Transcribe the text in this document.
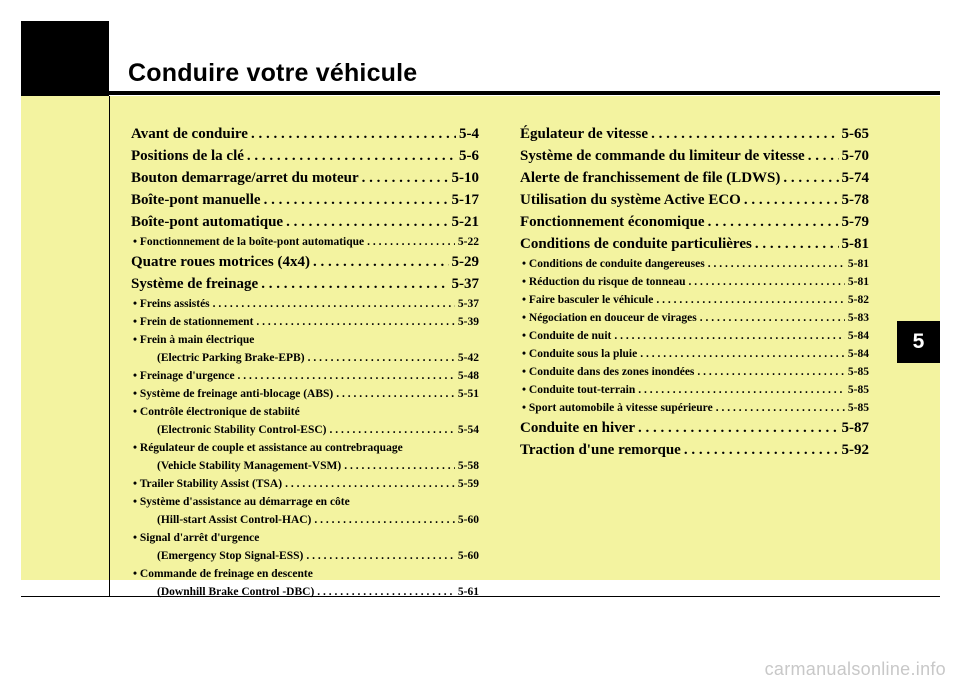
Conduire votre véhicule
5
Avant de conduire . . .	5-4
Positions de la clé . . .	5-6
Bouton demarrage/arret du moteur . . .	5-10
Boîte-pont manuelle . . .	5-17
Boîte-pont automatique . . .	5-21
• Fonctionnement de la boîte-pont automatique . . .	5-22
Quatre roues motrices (4x4) . . .	5-29
Système de freinage . . .	5-37
• Freins assistés . . .	5-37
• Frein de stationnement . . .	5-39
• Frein à main électrique
(Electric Parking Brake-EPB) . . .	5-42
• Freinage d'urgence . . .	5-48
• Système de freinage anti-blocage (ABS) . . .	5-51
• Contrôle électronique de stabiité
(Electronic Stability Control-ESC) . . .	5-54
• Régulateur de couple et assistance au contrebraquage
(Vehicle Stability Management-VSM) . . .	5-58
• Trailer Stability Assist (TSA) . . .	5-59
• Système d'assistance au démarrage en côte
(Hill-start Assist Control-HAC) . . .	5-60
• Signal d'arrêt d'urgence
(Emergency Stop Signal-ESS) . . .	5-60
• Commande de freinage en descente
(Downhill Brake Control -DBC) . . .	5-61
Égulateur de vitesse . . .	5-65
Système de commande du limiteur de vitesse . . . 5-70
Alerte de franchissement de file (LDWS) . . .	5-74
Utilisation du système Active ECO . . .	5-78
Fonctionnement économique . . .	5-79
Conditions de conduite particulières . . .	5-81
• Conditions de conduite dangereuses . . .	5-81
• Réduction du risque de tonneau . . .	5-81
• Faire basculer le véhicule . . .	5-82
• Négociation en douceur de virages . . .	5-83
• Conduite de nuit . . .	5-84
• Conduite sous la pluie . . .	5-84
• Conduite dans des zones inondées . . .	5-85
• Conduite tout-terrain . . .	5-85
• Sport automobile à vitesse supérieure . . .	5-85
Conduite en hiver . . .	5-87
Traction d'une remorque . . .	5-92

carmanualsonline.info
